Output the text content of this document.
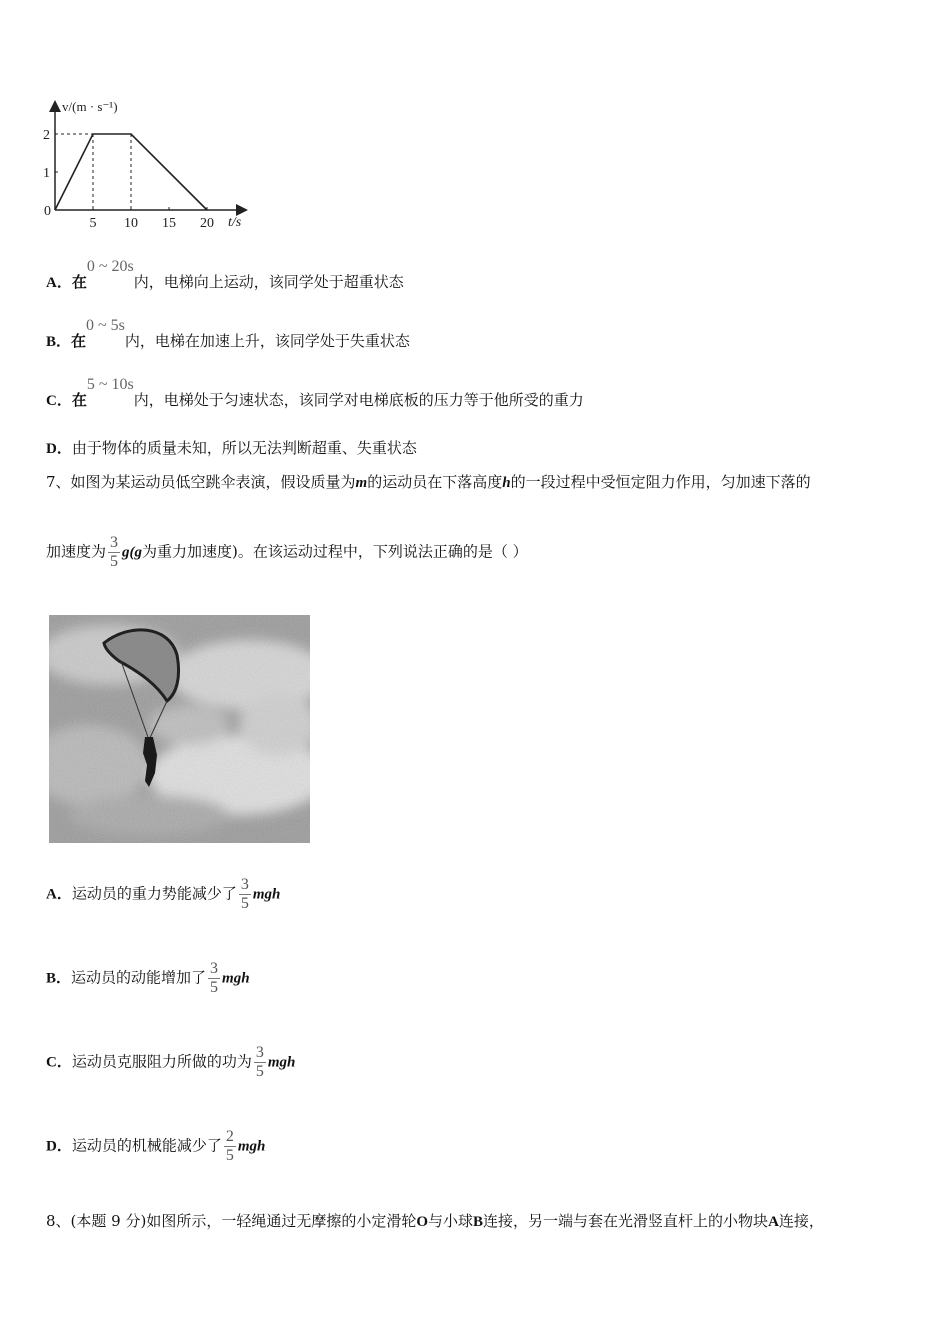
5 10 15 20
1
2
v/(m · s⁻¹)
t/s
0
A．在0 ~ 20s内，电梯向上运动，该同学处于超重状态
B．在0 ~ 5s内，电梯在加速上升，该同学处于失重状态
C．在5 ~ 10s内，电梯处于匀速状态，该同学对电梯底板的压力等于他所受的重力
D．由于物体的质量未知，所以无法判断超重、失重状态
7、如图为某运动员低空跳伞表演，假设质量为m的运动员在下落高度h的一段过程中受恒定阻力作用，匀加速下落的
加速度为 $\frac{3}{5} g(g$为重力加速度)。在该运动过程中，下列说法正确的是（ ）
A．运动员的重力势能减少了 $\frac{3}{5}$ mgh
B．运动员的动能增加了 $\frac{3}{5}$ mgh
C．运动员克服阻力所做的功为 $\frac{3}{5}$ mgh
D．运动员的机械能减少了 $\frac{2}{5}$ mgh
8、(本题 9 分)如图所示，一轻绳通过无摩擦的小定滑轮O与小球B连接，另一端与套在光滑竖直杆上的小物块A连接，
